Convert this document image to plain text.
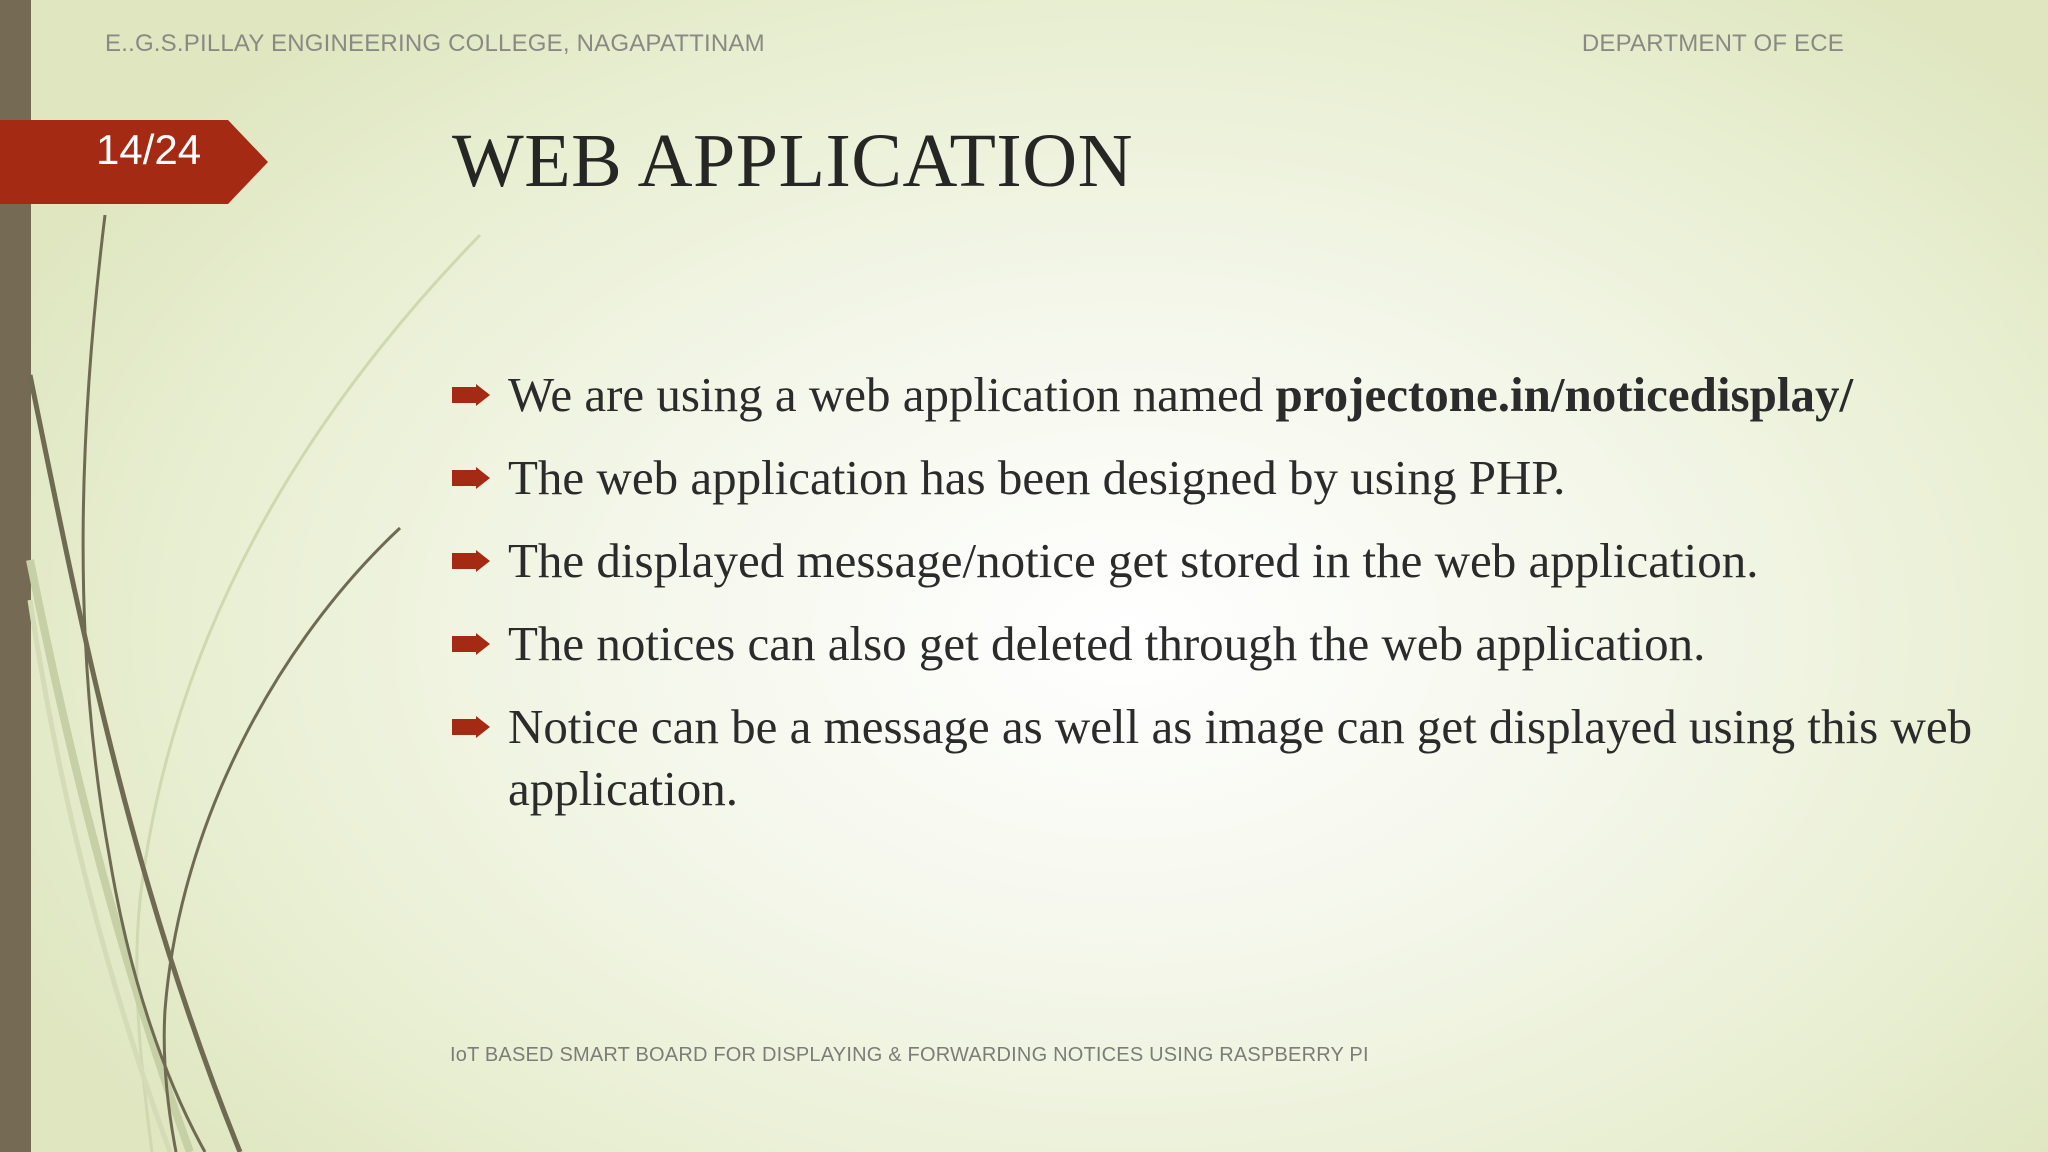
E..G.S.PILLAY ENGINEERING COLLEGE, NAGAPATTINAM	DEPARTMENT OF ECE
14/24	WEB APPLICATION
We are using a web application named projectone.in/noticedisplay/
The web application has been designed by using PHP.
The displayed message/notice get stored in the web application.
The notices can also get deleted through the web application.
Notice can be a message as well as image can get displayed using this web application.
IoT BASED SMART BOARD FOR DISPLAYING & FORWARDING NOTICES USING RASPBERRY PI
